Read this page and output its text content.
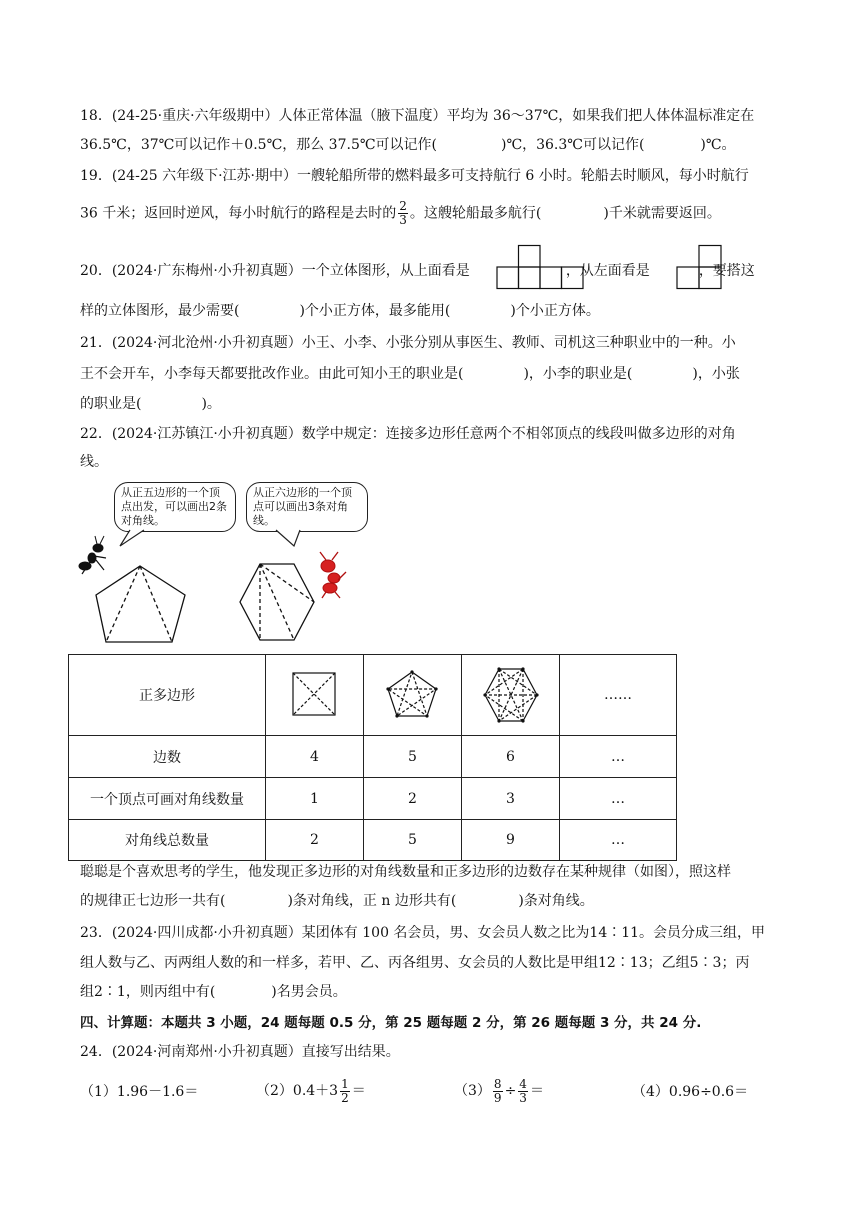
18．(24-25·重庆·六年级期中）人体正常体温（腋下温度）平均为 36～37℃，如果我们把人体体温标准定在
36.5℃，37℃可以记作＋0.5℃，那么 37.5℃可以记作(	)℃，36.3℃可以记作(	)℃。
19．(24-25 六年级下·江苏·期中）一艘轮船所带的燃料最多可支持航行 6 小时。轮船去时顺风，每小时航行
36 千米；返回时逆风，每小时航行的路程是去时的 $\frac{2}{3}$ 。这艘轮船最多航行(	)千米就需要返回。
20．(2024·广东梅州·小升初真题）一个立体图形，从上面看是	，从左面看是	，要搭这
样的立体图形，最少需要(	)个小正方体，最多能用(	)个小正方体。
21．(2024·河北沧州·小升初真题）小王、小李、小张分别从事医生、教师、司机这三种职业中的一种。小
王不会开车，小李每天都要批改作业。由此可知小王的职业是(	)，小李的职业是(	)，小张
的职业是(	)。
22．(2024·江苏镇江·小升初真题）数学中规定：连接多边形任意两个不相邻顶点的线段叫做多边形的对角
线。
从正五边形的一个顶点出发，可以画出2条对角线。
从正六边形的一个顶点可以画出3条对角线。
正多边形				……
边数	4	5	6	…
一个顶点可画对角线数量	1	2	3	…
对角线总数量	2	5	9	…
聪聪是个喜欢思考的学生，他发现正多边形的对角线数量和正多边形的边数存在某种规律（如图），照这样
的规律正七边形一共有(	)条对角线，正 n 边形共有(	)条对角线。
23．(2024·四川成都·小升初真题）某团体有 100 名会员，男、女会员人数之比为14∶11。会员分成三组，甲
组人数与乙、丙两组人数的和一样多，若甲、乙、丙各组男、女会员的人数比是甲组12∶13；乙组5∶3；丙
组2∶1，则丙组中有(	)名男会员。
四、计算题：本题共 3 小题，24 题每题 0.5 分，第 25 题每题 2 分，第 26 题每题 3 分，共 24 分.
24．(2024·河南郑州·小升初真题）直接写出结果。
（1）1.96－1.6＝	$(2)0.4+3 \frac{1}{2}$ ＝	$(3) \frac{8}{9} \div \frac{4}{3}$ ＝	（4）0.96÷0.6＝
